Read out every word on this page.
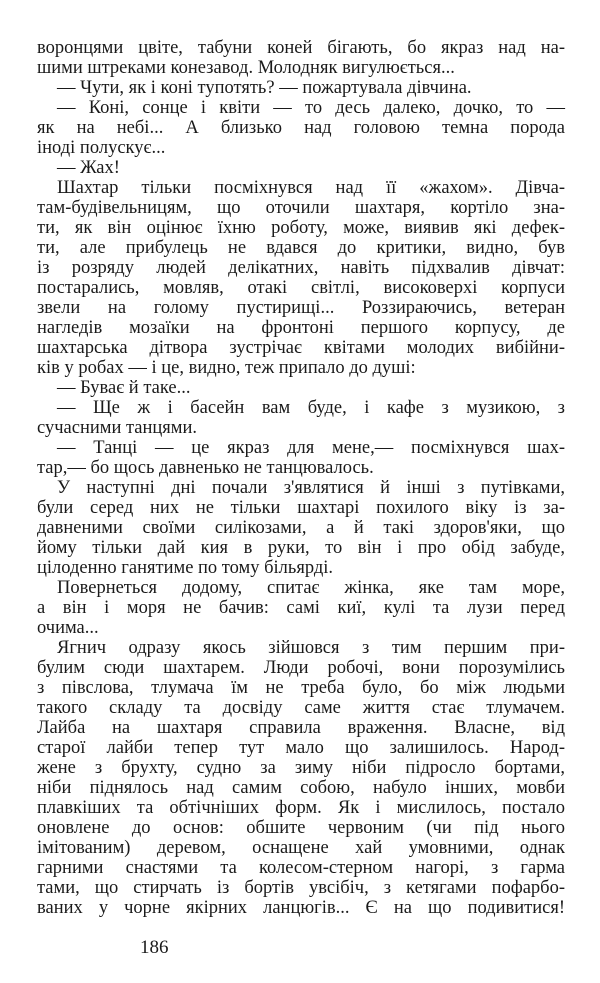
воронцями цвіте, табуни коней бігають, бо якраз над на-
шими штреками конезавод. Молодняк вигулюється...
— Чути, як і коні тупотять? — пожартувала дівчина.
— Коні, сонце і квіти — то десь далеко, дочко, то —
як на небі... А близько над головою темна порода
іноді полускує...
— Жах!
Шахтар тільки посміхнувся над її «жахом». Дівча-
там-будівельницям, що оточили шахтаря, кортіло зна-
ти, як він оцінює їхню роботу, може, виявив які дефек-
ти, але прибулець не вдався до критики, видно, був
із розряду людей делікатних, навіть підхвалив дівчат:
постарались, мовляв, отакі світлі, високоверхі корпуси
звели на голому пустирищі... Роззираючись, ветеран
нагледів мозаїки на фронтоні першого корпусу, де
шахтарська дітвора зустрічає квітами молодих вибійни-
ків у робах — і це, видно, теж припало до душі:
— Буває й таке...
— Ще ж і басейн вам буде, і кафе з музикою, з
сучасними танцями.
— Танці — це якраз для мене,— посміхнувся шах-
тар,— бо щось давненько не танцювалось.
У наступні дні почали з'являтися й інші з путівками,
були серед них не тільки шахтарі похилого віку із за-
давненими своїми силікозами, а й такі здоров'яки, що
йому тільки дай кия в руки, то він і про обід забуде,
цілоденно ганятиме по тому більярді.
Повернеться додому, спитає жінка, яке там море,
а він і моря не бачив: самі киї, кулі та лузи перед
очима...
Ягнич одразу якось зійшовся з тим першим при-
булим сюди шахтарем. Люди робочі, вони порозумілись
з півслова, тлумача їм не треба було, бо між людьми
такого складу та досвіду саме життя стає тлумачем.
Лайба на шахтаря справила враження. Власне, від
старої лайби тепер тут мало що залишилось. Народ-
жене з брухту, судно за зиму ніби підросло бортами,
ніби піднялось над самим собою, набуло інших, мовби
плавкіших та обтічніших форм. Як і мислилось, постало
оновлене до основ: обшите червоним (чи під нього
імітованим) деревом, оснащене хай умовними, однак
гарними снастями та колесом-стерном нагорі, з гарма
тами, що стирчать із бортів увсібіч, з кетягами пофарбо-
ваних у чорне якірних ланцюгів... Є на що подивитися!
186
